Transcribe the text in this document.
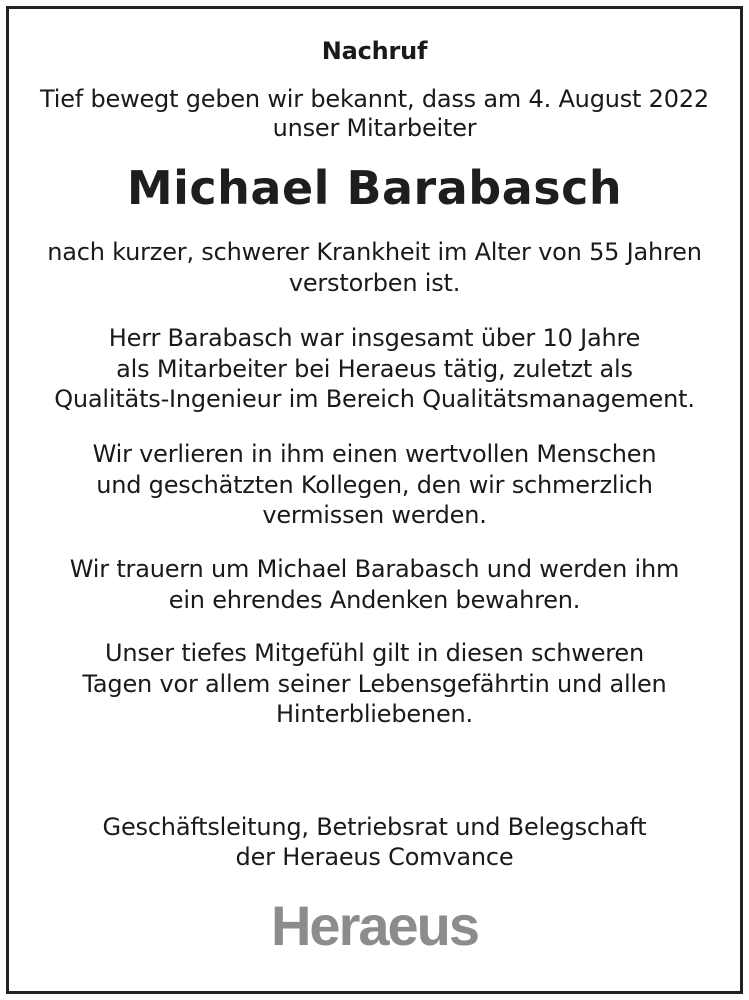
Nachruf
Tief bewegt geben wir bekannt, dass am 4. August 2022
unser Mitarbeiter
Michael Barabasch
nach kurzer, schwerer Krankheit im Alter von 55 Jahren
verstorben ist.
Herr Barabasch war insgesamt über 10 Jahre
als Mitarbeiter bei Heraeus tätig, zuletzt als
Qualitäts-Ingenieur im Bereich Qualitätsmanagement.
Wir verlieren in ihm einen wertvollen Menschen
und geschätzten Kollegen, den wir schmerzlich
vermissen werden.
Wir trauern um Michael Barabasch und werden ihm
ein ehrendes Andenken bewahren.
Unser tiefes Mitgefühl gilt in diesen schweren
Tagen vor allem seiner Lebensgefährtin und allen
Hinterbliebenen.
Geschäftsleitung, Betriebsrat und Belegschaft
der Heraeus Comvance
Heraeus
